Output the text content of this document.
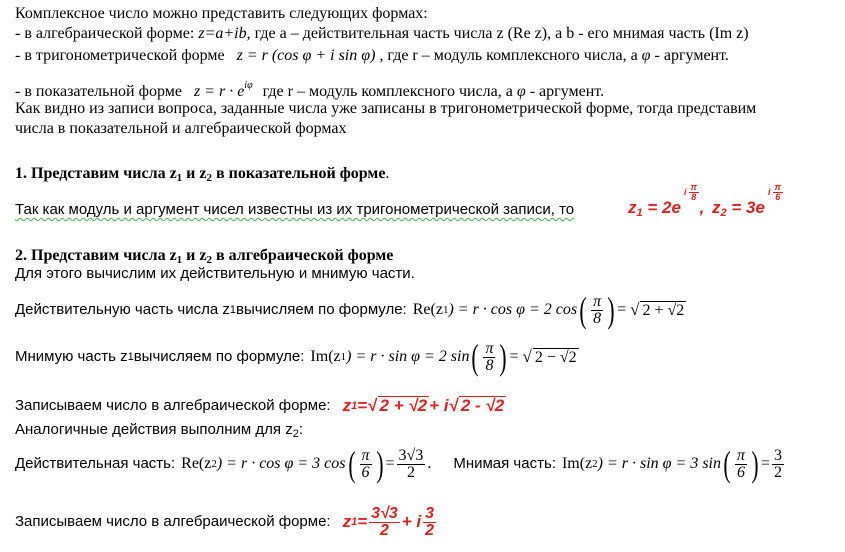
Комплексное число можно представить следующих формах:
- в алгебраической форме: z=a+ib, где a – действительная часть числа z (Re z), a b - его мнимая часть (Im z)
- в тригонометрической форме z = r (cos φ + i sin φ) , где r – модуль комплексного числа, а φ - аргумент.
- в показательной форме $z = r \cdot e^{i\varphi}$ где r – модуль комплексного числа, а φ - аргумент.
Как видно из записи вопроса, заданные числа уже записаны в тригонометрической форме, тогда представим
числа в показательной и алгебраической формах
1. Представим числа $z_1$ и $z_2$ в показательной форме.
Так как модуль и аргумент чисел известны из их тригонометрической записи, то	$z_1 = 2e$
i $\frac{\pi}{8}$
, $z_2 = 3e$
i $\frac{\pi}{6}$
2. Представим числа $z_1$ и $z_2$ в алгебраической форме
Для этого вычислим их действительную и мнимую части.
Действительную часть числа z 1 вычисляем по формуле: Re(z 1 ) = r · cos φ = 2 cos ( $\frac{\pi}{8}$ ) = √ 2 + √2
Мнимую часть z 1 вычисляем по формуле: Im(z 1 ) = r · sin φ = 2 sin ( $\frac{\pi}{8}$ ) = √ 2 − √2
Записываем число в алгебраической форме: z 1 = √ 2 + √2 + i √ 2 - √2
Аналогичные действия выполним для $z_2$:
Действительная часть: Re(z 2 ) = r · cos φ = 3 cos ( $\frac{\pi}{6}$ ) = $\frac{3√3}{2}$ . Мнимая часть: Im(z 2 ) = r · sin φ = 3 sin ( $\frac{\pi}{6}$ ) = $\frac{3}{2}$
Записываем число в алгебраической форме: z $1 = \frac{3√3}{2} + i \frac{3}{2}$
